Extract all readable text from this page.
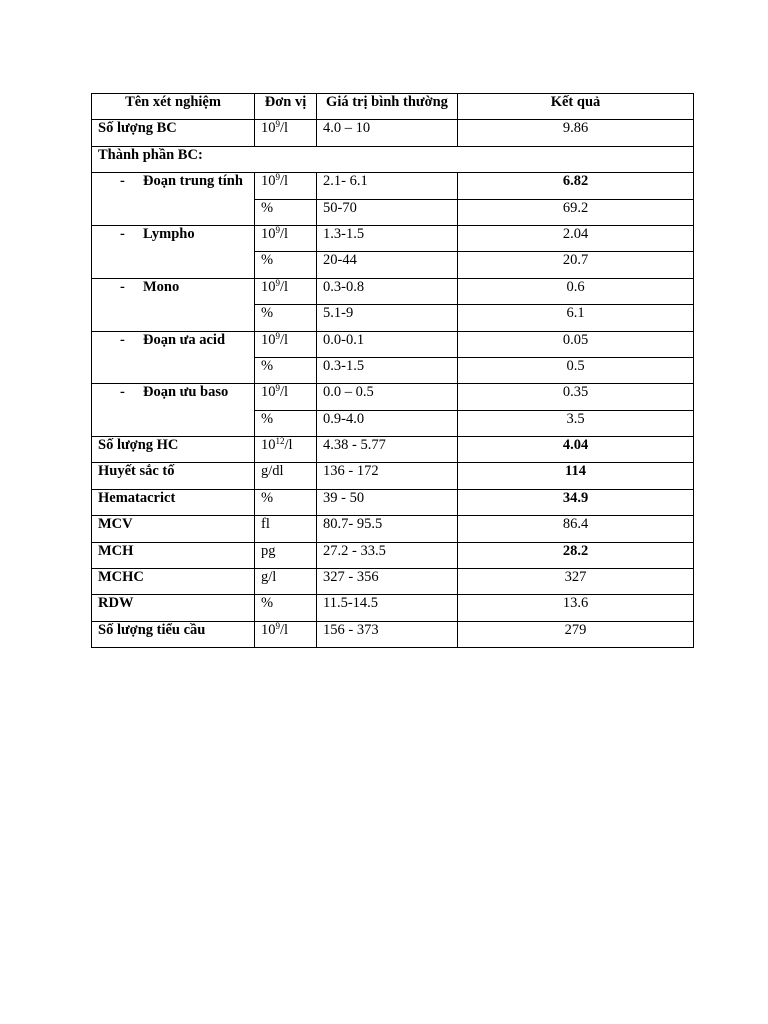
Tên xét nghiệm	Đơn vị	Giá trị bình thường	Kết quả
Số lượng BC	$10^9/l$	4.0 – 10	9.86
Thành phần BC:			
- Đoạn trung tính	$10^9/l$	2.1- 6.1	6.82
	%	50-70	69.2
- Lympho	$10^9/l$	1.3-1.5	2.04
	%	20-44	20.7
- Mono	$10^9/l$	0.3-0.8	0.6
	%	5.1-9	6.1
- Đoạn ưa acid	$10^9/l$	0.0-0.1	0.05
	%	0.3-1.5	0.5
- Đoạn ưu baso	$10^9/l$	0.0 – 0.5	0.35
	%	0.9-4.0	3.5
Số lượng HC	$10^{12}/l$	4.38 - 5.77	4.04
Huyết sắc tố	g/dl	136 - 172	114
Hematacrict	%	39 - 50	34.9
MCV	fl	80.7- 95.5	86.4
MCH	pg	27.2 - 33.5	28.2
MCHC	g/l	327 - 356	327
RDW	%	11.5-14.5	13.6
Số lượng tiểu cầu	$10^9/l$	156 - 373	279
